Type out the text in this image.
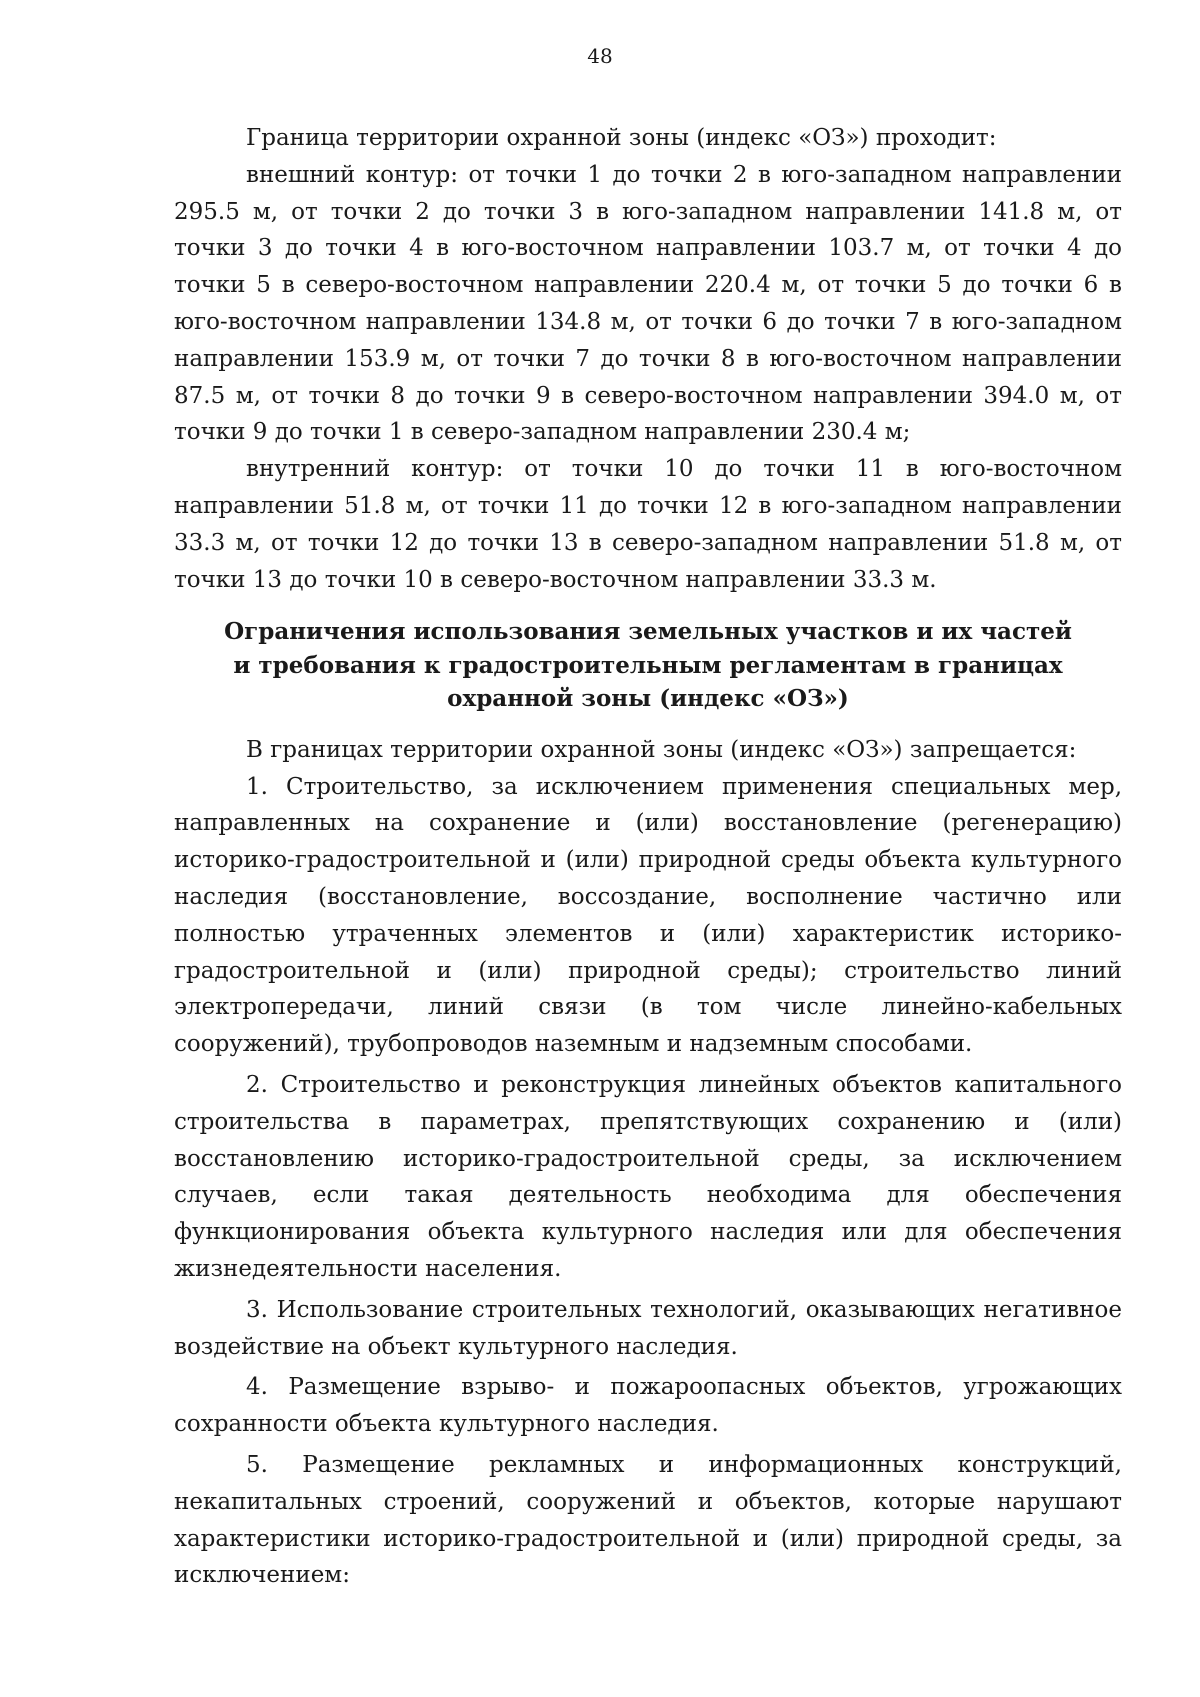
48

Граница территории охранной зоны (индекс «ОЗ») проходит:

внешний контур: от точки 1 до точки 2 в юго-западном направлении 295.5 м, от точки 2 до точки 3 в юго-западном направлении 141.8 м, от точки 3 до точки 4 в юго-восточном направлении 103.7 м, от точки 4 до точки 5 в северо-восточном направлении 220.4 м, от точки 5 до точки 6 в юго-восточном направлении 134.8 м, от точки 6 до точки 7 в юго-западном направлении 153.9 м, от точки 7 до точки 8 в юго-восточном направлении 87.5 м, от точки 8 до точки 9 в северо-восточном направлении 394.0 м, от точки 9 до точки 1 в северо-западном направлении 230.4 м;

внутренний контур: от точки 10 до точки 11 в юго-восточном направлении 51.8 м, от точки 11 до точки 12 в юго-западном направлении 33.3 м, от точки 12 до точки 13 в северо-западном направлении 51.8 м, от точки 13 до точки 10 в северо-восточном направлении 33.3 м.

Ограничения использования земельных участков и их частей
и требования к градостроительным регламентам в границах
охранной зоны (индекс «ОЗ»)

В границах территории охранной зоны (индекс «ОЗ») запрещается:

1. Строительство, за исключением применения специальных мер, направленных на сохранение и (или) восстановление (регенерацию) историко-градостроительной и (или) природной среды объекта культурного наследия (восстановление, воссоздание, восполнение частично или полностью утраченных элементов и (или) характеристик историко-градостроительной и (или) природной среды); строительство линий электропередачи, линий связи (в том числе линейно-кабельных сооружений), трубопроводов наземным и надземным способами.

2. Строительство и реконструкция линейных объектов капитального строительства в параметрах, препятствующих сохранению и (или) восстановлению историко-градостроительной среды, за исключением случаев, если такая деятельность необходима для обеспечения функционирования объекта культурного наследия или для обеспечения жизнедеятельности населения.

3. Использование строительных технологий, оказывающих негативное воздействие на объект культурного наследия.

4. Размещение взрыво- и пожароопасных объектов, угрожающих сохранности объекта культурного наследия.

5. Размещение рекламных и информационных конструкций, некапитальных строений, сооружений и объектов, которые нарушают характеристики историко-градостроительной и (или) природной среды, за исключением:
